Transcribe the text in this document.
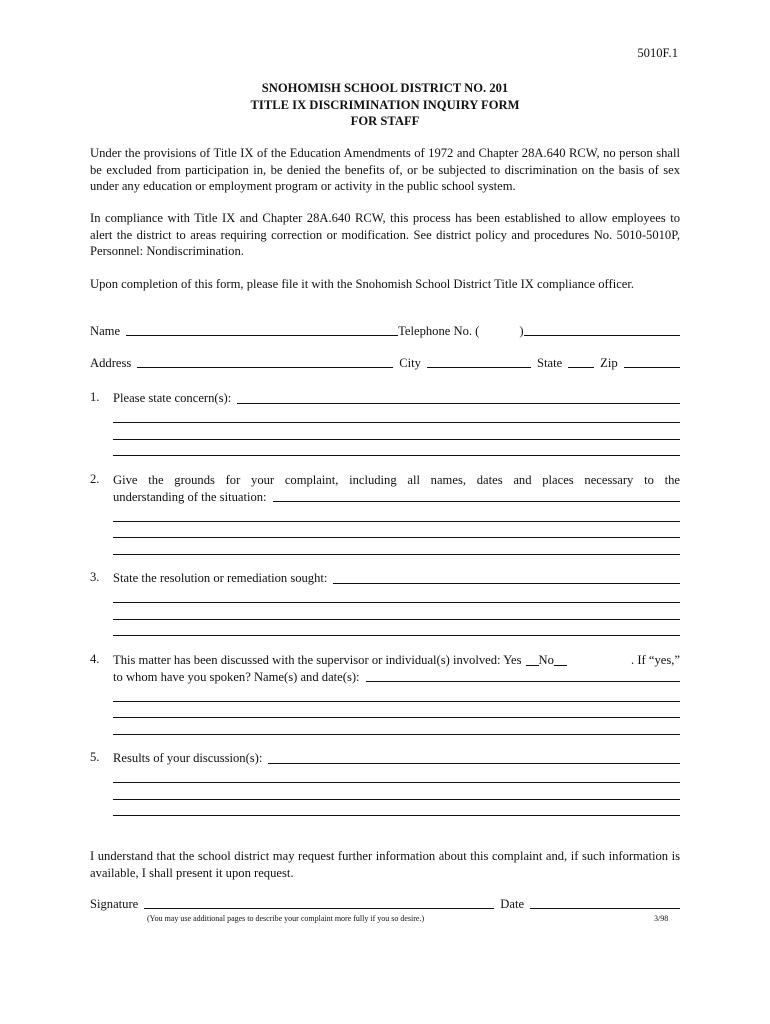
5010F.1
SNOHOMISH SCHOOL DISTRICT NO. 201
TITLE IX DISCRIMINATION INQUIRY FORM
FOR STAFF
Under the provisions of Title IX of the Education Amendments of 1972 and Chapter 28A.640 RCW, no person shall be excluded from participation in, be denied the benefits of, or be subjected to discrimination on the basis of sex under any education or employment program or activity in the public school system.
In compliance with Title IX and Chapter 28A.640 RCW, this process has been established to allow employees to alert the district to areas requiring correction or modification. See district policy and procedures No. 5010-5010P, Personnel: Nondiscrimination.
Upon completion of this form, please file it with the Snohomish School District Title IX compliance officer.
Name	Telephone No. (	)
Address	City	State	Zip
1. Please state concern(s):
2. Give the grounds for your complaint, including all names, dates and places necessary to the
understanding of the situation:
3. State the resolution or remediation sought:
4. This matter has been discussed with the supervisor or individual(s) involved: Yes No	. If “yes,”
to whom have you spoken? Name(s) and date(s):
5. Results of your discussion(s):
I understand that the school district may request further information about this complaint and, if such information is available, I shall present it upon request.
Signature	Date
(You may use additional pages to describe your complaint more fully if you so desire.)	3/98
